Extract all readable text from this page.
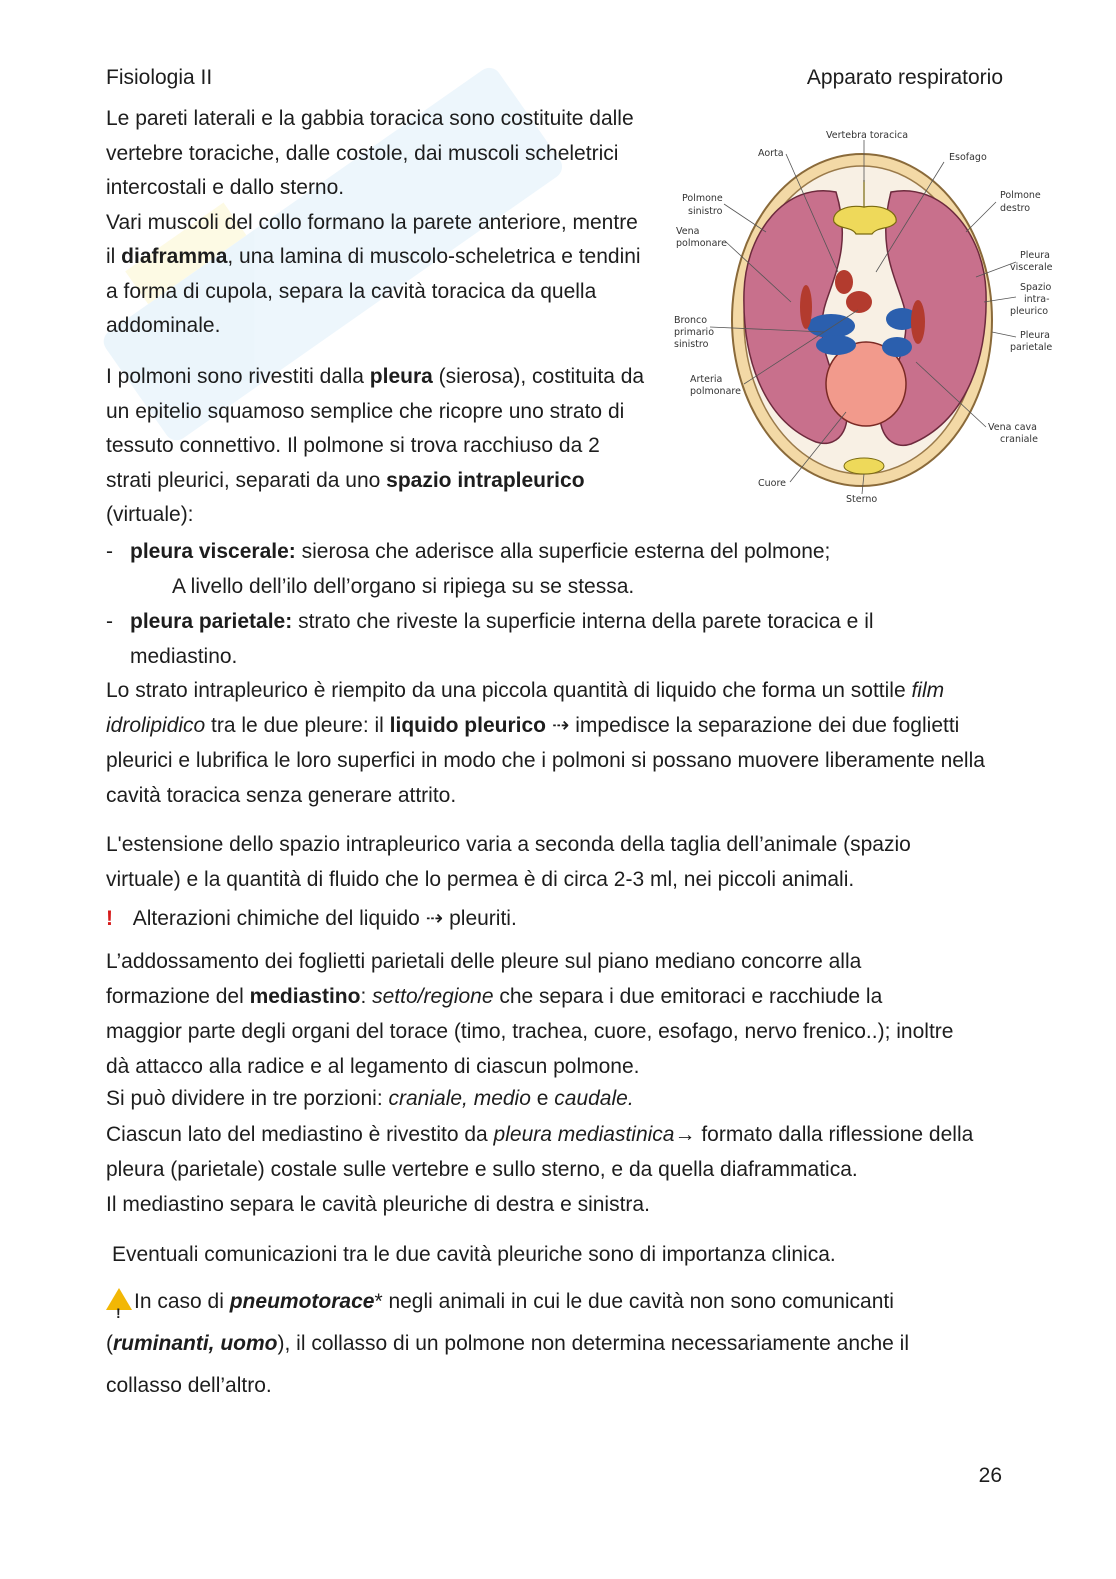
Fisiologia II	Apparato respiratorio

Le pareti laterali e la gabbia toracica sono costituite dalle vertebre toraciche, dalle costole, dai muscoli scheletrici intercostali e dallo sterno.
Vari muscoli del collo formano la parete anteriore, mentre il diaframma, una lamina di muscolo-scheletrica e tendini a forma di cupola, separa la cavità toracica da quella addominale.

I polmoni sono rivestiti dalla pleura (sierosa), costituita da un epitelio squamoso semplice che ricopre uno strato di tessuto connettivo. Il polmone si trova racchiuso da 2 strati pleurici, separati da uno spazio intrapleurico (virtuale):

Vertebra toracica
Aorta	Esofago
Polmone
sinistro
Polmone
destro
Vena
polmonare
Pleura
viscerale
Spazio
intra-
pleurico
Bronco
primario
sinistro
Pleura
parietale
Arteria
polmonare
Vena cava
craniale
Cuore
Sterno
- pleura viscerale: sierosa che aderisce alla superficie esterna del polmone;
A livello dell’ilo dell’organo si ripiega su se stessa.
- pleura parietale: strato che riveste la superficie interna della parete toracica e il mediastino.

Lo strato intrapleurico è riempito da una piccola quantità di liquido che forma un sottile film idrolipidico tra le due pleure: il liquido pleurico ⇢ impedisce la separazione dei due foglietti pleurici e lubrifica le loro superfici in modo che i polmoni si possano muovere liberamente nella cavità toracica senza generare attrito.

L'estensione dello spazio intrapleurico varia a seconda della taglia dell’animale (spazio virtuale) e la quantità di fluido che lo permea è di circa 2-3 ml, nei piccoli animali.

! Alterazioni chimiche del liquido ⇢ pleuriti.

L’addossamento dei foglietti parietali delle pleure sul piano mediano concorre alla formazione del mediastino: setto/regione che separa i due emitoraci e racchiude la maggior parte degli organi del torace (timo, trachea, cuore, esofago, nervo frenico..); inoltre dà attacco alla radice e al legamento di ciascun polmone.

Si può dividere in tre porzioni: craniale, medio e caudale.

Ciascun lato del mediastino è rivestito da pleura mediastinica→ formato dalla riflessione della pleura (parietale) costale sulle vertebre e sullo sterno, e da quella diaframmatica.
Il mediastino separa le cavità pleuriche di destra e sinistra.

Eventuali comunicazioni tra le due cavità pleuriche sono di importanza clinica.

! In caso di pneumotorace* negli animali in cui le due cavità non sono comunicanti (ruminanti, uomo), il collasso di un polmone non determina necessariamente anche il collasso dell’altro.

26
